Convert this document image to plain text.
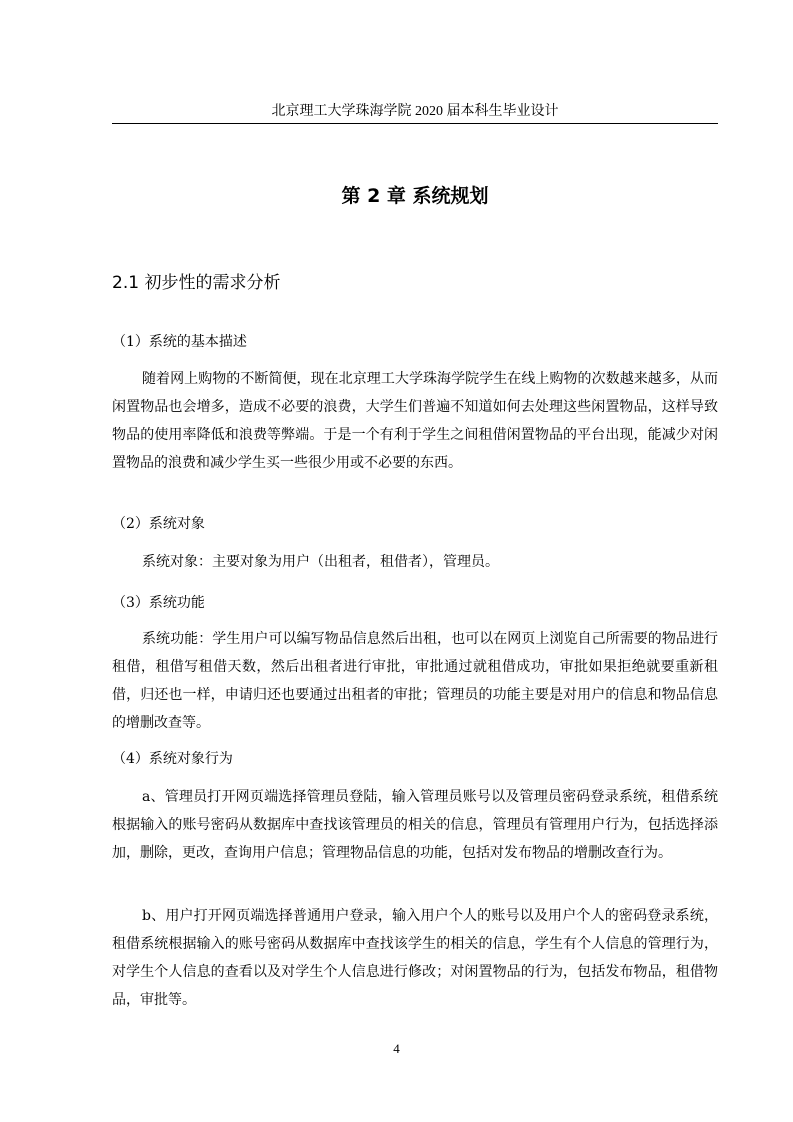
北京理工大学珠海学院 2020 届本科生毕业设计
第 2 章 系统规划
2.1 初步性的需求分析

（1）系统的基本描述

随着网上购物的不断简便，现在北京理工大学珠海学院学生在线上购物的次数越来越多，从而闲置物品也会增多，造成不必要的浪费，大学生们普遍不知道如何去处理这些闲置物品，这样导致物品的使用率降低和浪费等弊端。于是一个有利于学生之间租借闲置物品的平台出现，能减少对闲置物品的浪费和减少学生买一些很少用或不必要的东西。

（2）系统对象

系统对象：主要对象为用户（出租者，租借者），管理员。

（3）系统功能

系统功能：学生用户可以编写物品信息然后出租，也可以在网页上浏览自己所需要的物品进行租借，租借写租借天数，然后出租者进行审批，审批通过就租借成功，审批如果拒绝就要重新租借，归还也一样，申请归还也要通过出租者的审批；管理员的功能主要是对用户的信息和物品信息的增删改查等。

（4）系统对象行为

a、管理员打开网页端选择管理员登陆，输入管理员账号以及管理员密码登录系统，租借系统根据输入的账号密码从数据库中查找该管理员的相关的信息，管理员有管理用户行为，包括选择添加，删除，更改，查询用户信息；管理物品信息的功能，包括对发布物品的增删改查行为。

b、用户打开网页端选择普通用户登录，输入用户个人的账号以及用户个人的密码登录系统，租借系统根据输入的账号密码从数据库中查找该学生的相关的信息，学生有个人信息的管理行为，对学生个人信息的查看以及对学生个人信息进行修改；对闲置物品的行为，包括发布物品，租借物品，审批等。

4
